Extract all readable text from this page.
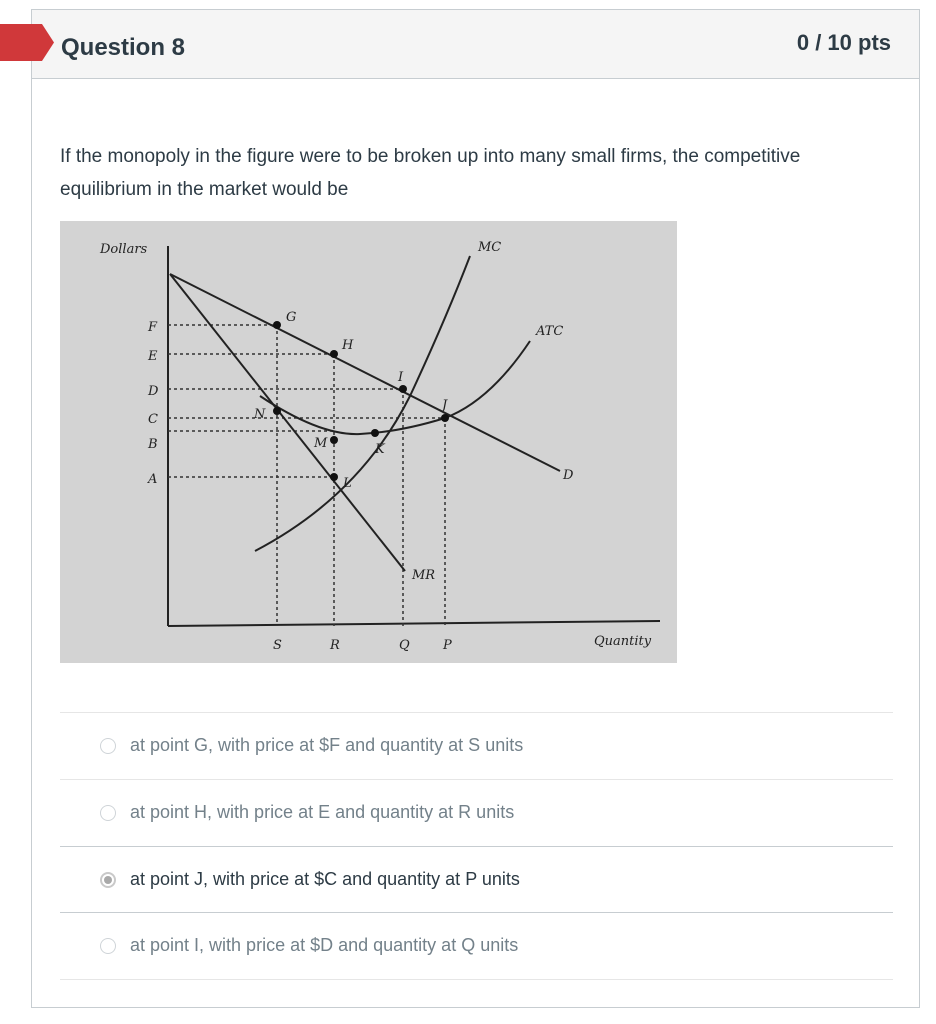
Question 8	0 / 10 pts
If the monopoly in the figure were to be broken up into many small firms, the competitive equilibrium in the market would be
Dollars
Quantity
F
E
D
C
B
A
S	R	Q	P
MC
ATC
D
MR
G
H
I
J
K
L
M
N
at point G, with price at $F and quantity at S units
at point H, with price at E and quantity at R units
at point J, with price at $C and quantity at P units
at point I, with price at $D and quantity at Q units
